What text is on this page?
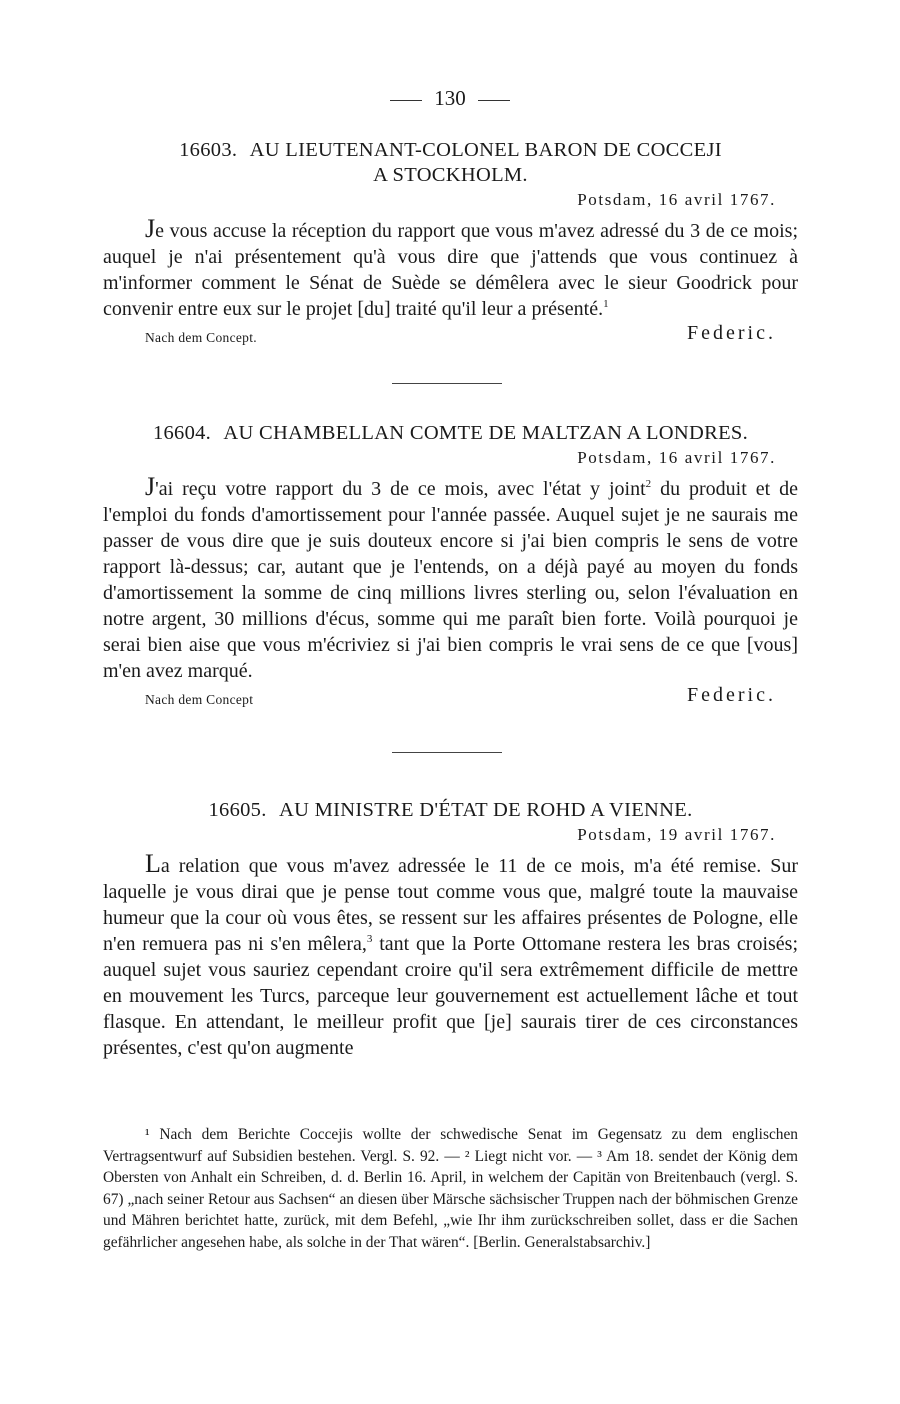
130
16603. AU LIEUTENANT-COLONEL BARON DE COCCEJI
A STOCKHOLM.
Potsdam, 16 avril 1767.

Je vous accuse la réception du rapport que vous m'avez adressé du 3 de ce mois; auquel je n'ai présentement qu'à vous dire que j'attends que vous continuez à m'informer comment le Sénat de Suède se démêlera avec le sieur Goodrick pour convenir entre eux sur le projet [du] traité qu'il leur a présenté.$^1$

Nach dem Concept.	Federic.
16604. AU CHAMBELLAN COMTE DE MALTZAN A LONDRES.
Potsdam, 16 avril 1767.

J'ai reçu votre rapport du 3 de ce mois, avec l'état y joint$^2$ du produit et de l'emploi du fonds d'amortissement pour l'année passée. Auquel sujet je ne saurais me passer de vous dire que je suis douteux encore si j'ai bien compris le sens de votre rapport là-dessus; car, autant que je l'entends, on a déjà payé au moyen du fonds d'amortissement la somme de cinq millions livres sterling ou, selon l'évaluation en notre argent, 30 millions d'écus, somme qui me paraît bien forte. Voilà pourquoi je serai bien aise que vous m'écriviez si j'ai bien compris le vrai sens de ce que [vous] m'en avez marqué.

Nach dem Concept	Federic.
16605. AU MINISTRE D'ÉTAT DE ROHD A VIENNE.
Potsdam, 19 avril 1767.

La relation que vous m'avez adressée le 11 de ce mois, m'a été remise. Sur laquelle je vous dirai que je pense tout comme vous que, malgré toute la mauvaise humeur que la cour où vous êtes, se ressent sur les affaires présentes de Pologne, elle n'en remuera pas ni s'en mêlera,$^3$ tant que la Porte Ottomane restera les bras croisés; auquel sujet vous sauriez cependant croire qu'il sera extrêmement difficile de mettre en mouvement les Turcs, parceque leur gouvernement est actuellement lâche et tout flasque. En attendant, le meilleur profit que [je] saurais tirer de ces circonstances présentes, c'est qu'on augmente

¹ Nach dem Berichte Coccejis wollte der schwedische Senat im Gegensatz zu dem englischen Vertragsentwurf auf Subsidien bestehen. Vergl. S. 92. — ² Liegt nicht vor. — ³ Am 18. sendet der König dem Obersten von Anhalt ein Schreiben, d. d. Berlin 16. April, in welchem der Capitän von Breitenbauch (vergl. S. 67) „nach seiner Retour aus Sachsen“ an diesen über Märsche sächsischer Truppen nach der böhmischen Grenze und Mähren berichtet hatte, zurück, mit dem Befehl, „wie Ihr ihm zurückschreiben sollet, dass er die Sachen gefährlicher angesehen habe, als solche in der That wären“. [Berlin. Generalstabsarchiv.]
